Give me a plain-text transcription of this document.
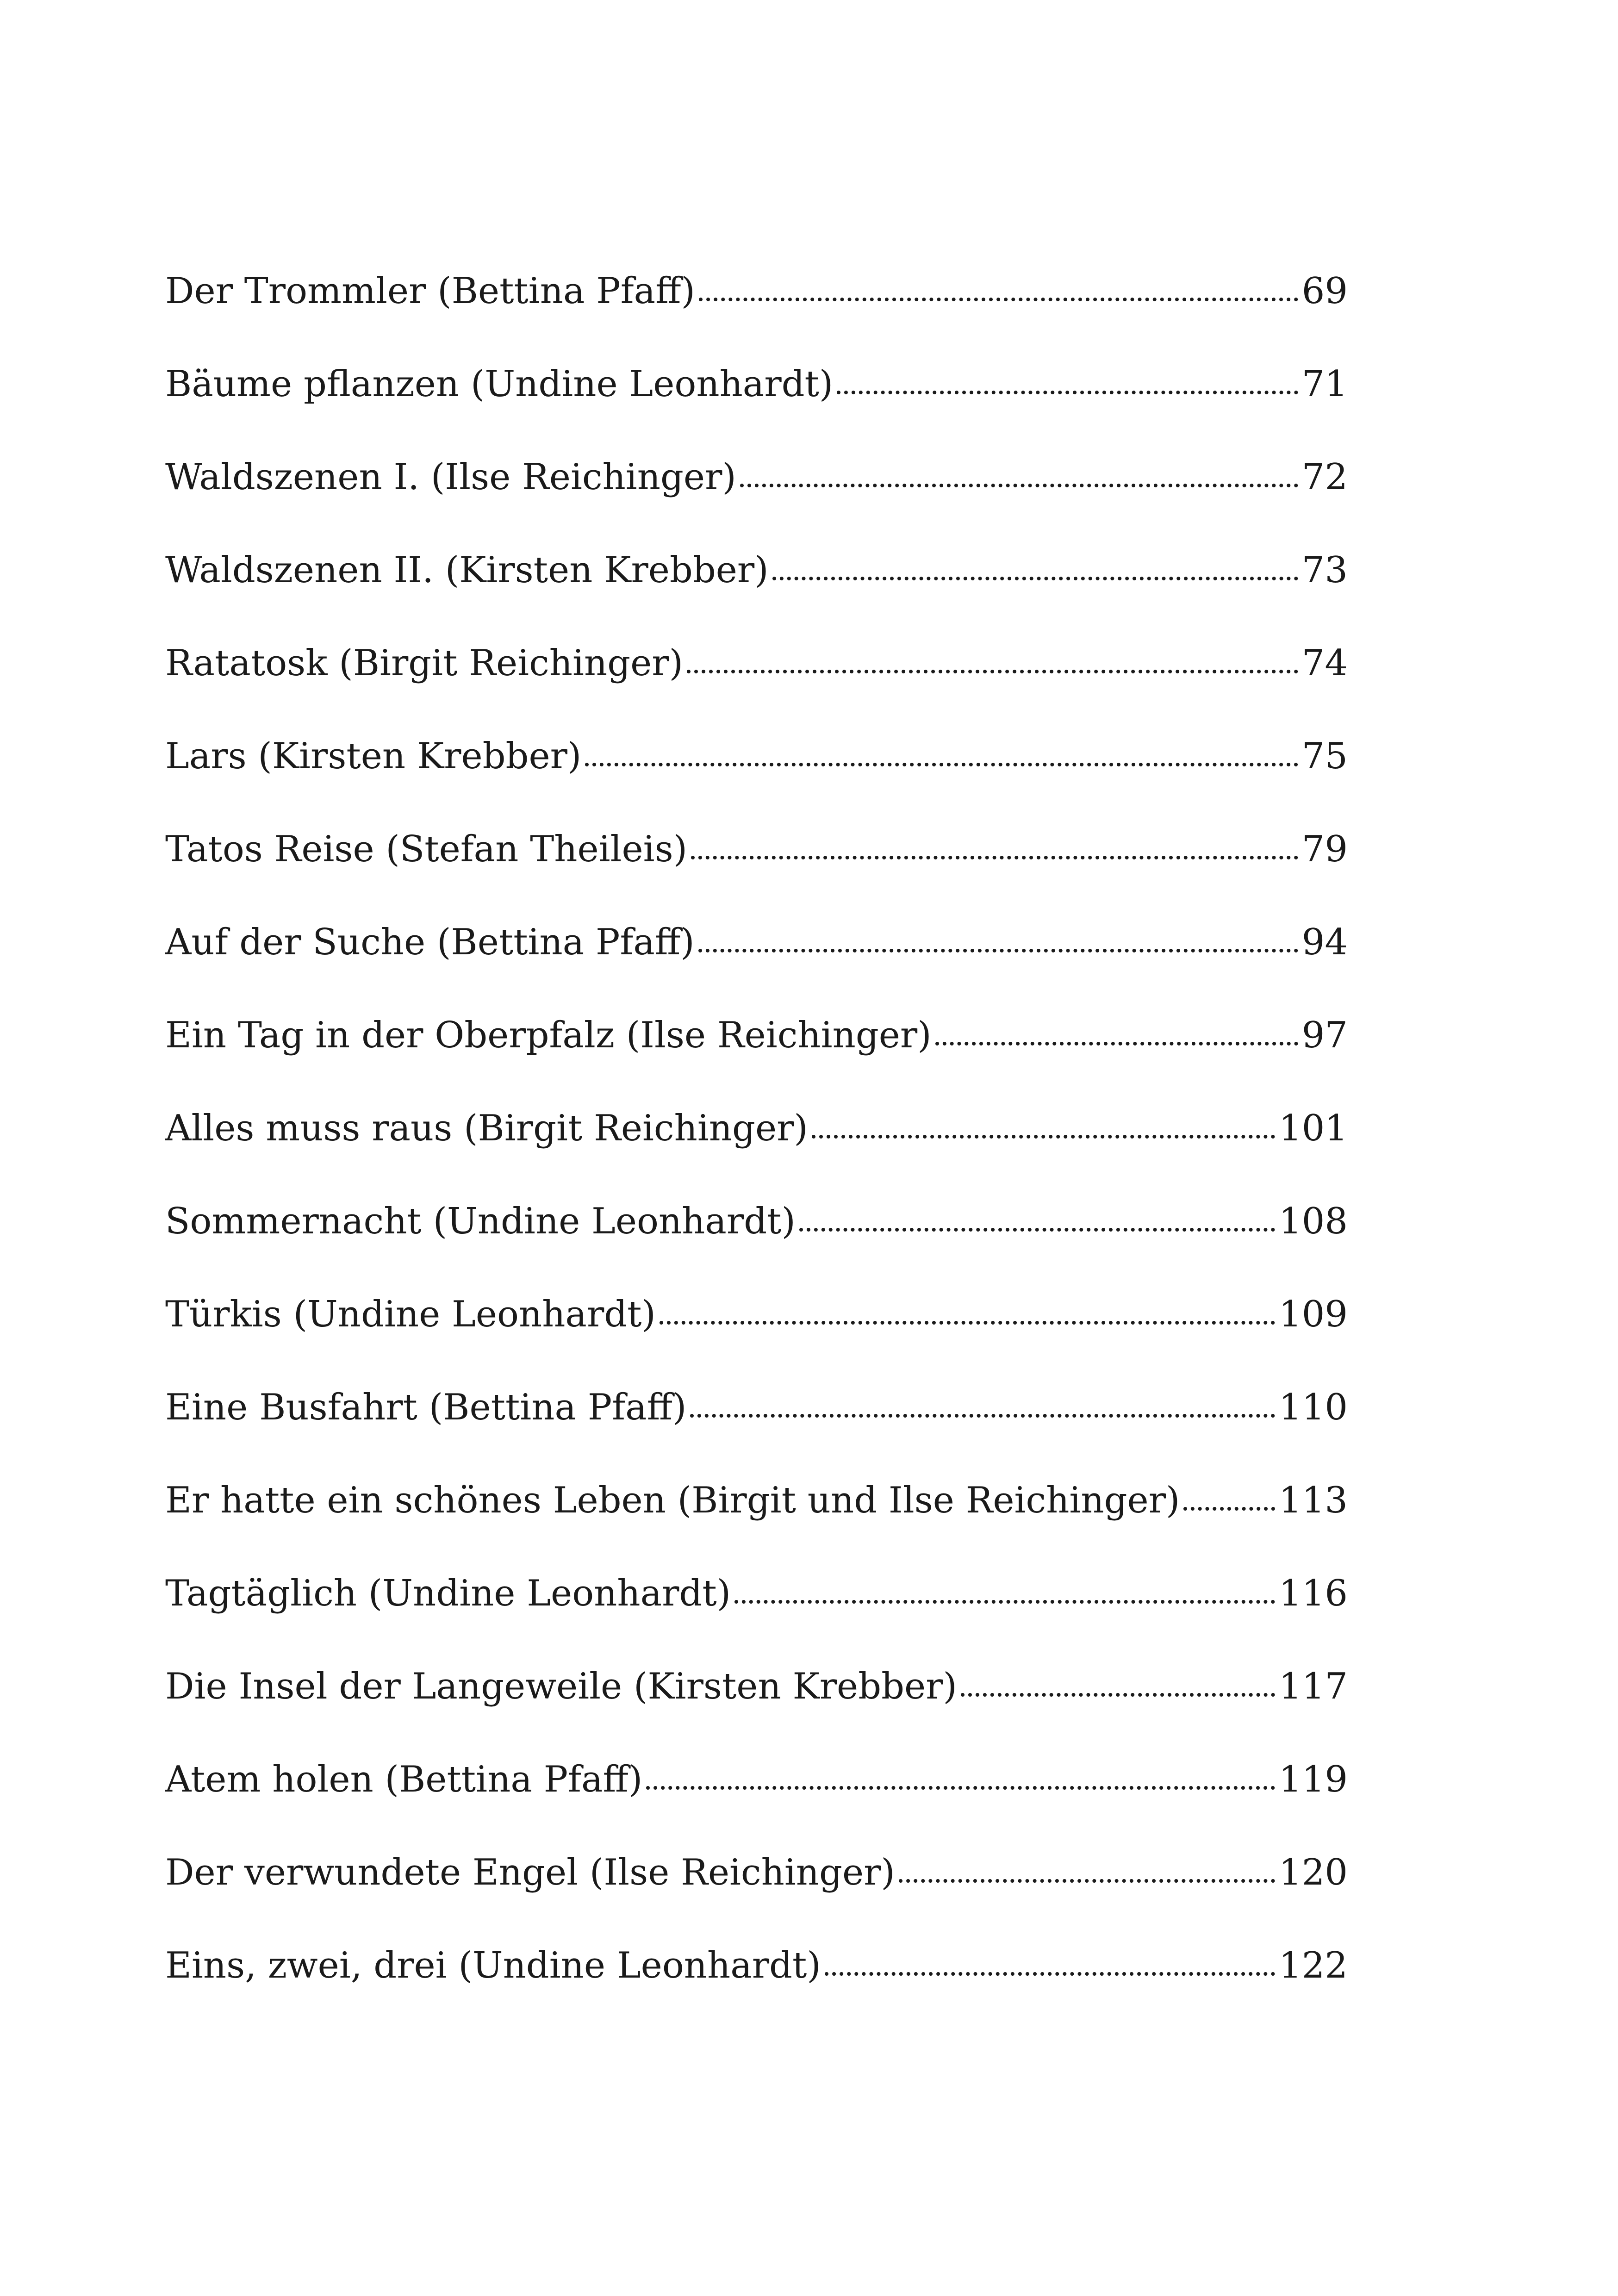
Der Trommler (Bettina Pfaff)	69
Bäume pflanzen (Undine Leonhardt)	71
Waldszenen I. (Ilse Reichinger)	72
Waldszenen II. (Kirsten Krebber)	73
Ratatosk (Birgit Reichinger)	74
Lars (Kirsten Krebber)	75
Tatos Reise (Stefan Theileis)	79
Auf der Suche (Bettina Pfaff)	94
Ein Tag in der Oberpfalz (Ilse Reichinger)	97
Alles muss raus (Birgit Reichinger)	101
Sommernacht (Undine Leonhardt)	108
Türkis (Undine Leonhardt)	109
Eine Busfahrt (Bettina Pfaff)	110
Er hatte ein schönes Leben (Birgit und Ilse Reichinger)	113
Tagtäglich (Undine Leonhardt)	116
Die Insel der Langeweile (Kirsten Krebber)	117
Atem holen (Bettina Pfaff)	119
Der verwundete Engel (Ilse Reichinger)	120
Eins, zwei, drei (Undine Leonhardt)	122
